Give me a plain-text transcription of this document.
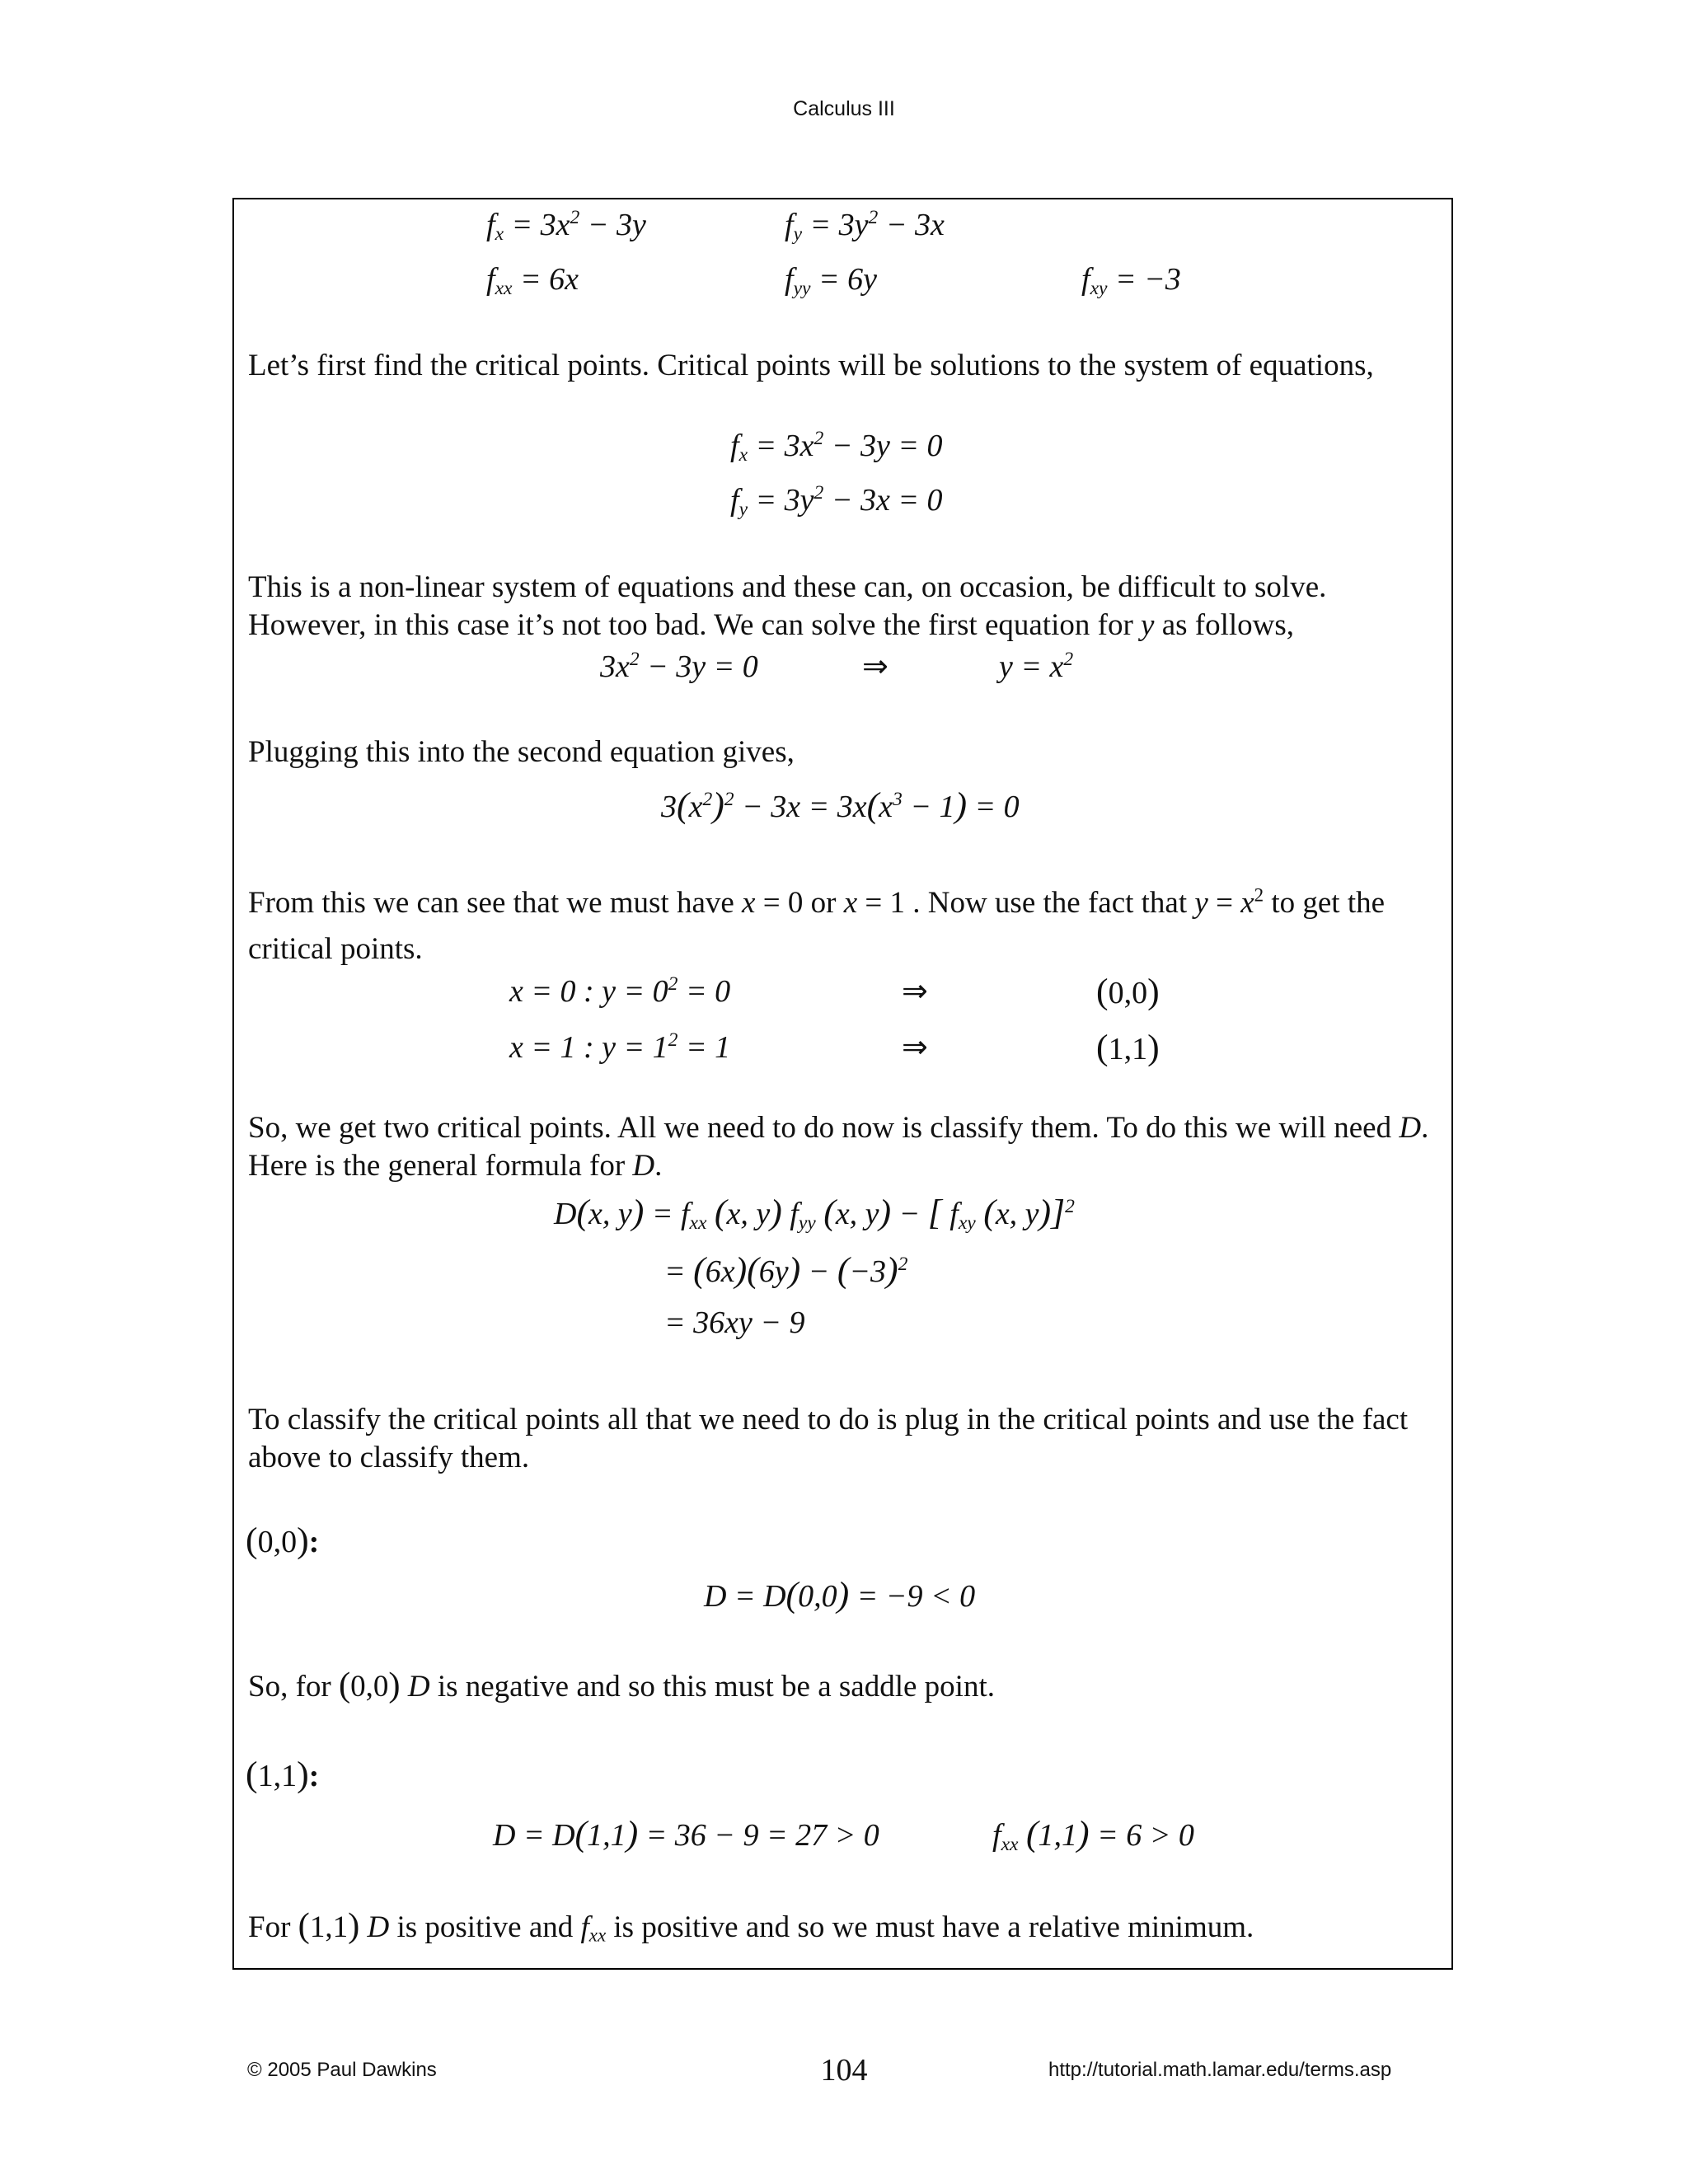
Calculus III
$f_x = 3x^2 - 3y$	$f_y = 3y^2 - 3x$
$f_{xx} = 6x$	$f_{yy} = 6y$	$f_{xy} = -3$
Let’s first find the critical points. Critical points will be solutions to the system of equations,
$f_x = 3x^2 - 3y = 0$
$f_y = 3y^2 - 3x = 0$
This is a non-linear system of equations and these can, on occasion, be difficult to solve. However, in this case it’s not too bad. We can solve the first equation for y as follows,
$3x^2 - 3y = 0$	⇒	$y = x^2$
Plugging this into the second equation gives,
$3(x^2)^2 - 3x = 3x(x^3 - 1) = 0$
From this we can see that we must have x = 0 or x = 1 . Now use the fact that $y = x^2$ to get the critical points.
x = 0 : $y = 0^2 = 0$	⇒	(0,0)
x = 1 : $y = 1^2 = 1$	⇒	(1,1)
So, we get two critical points. All we need to do now is classify them. To do this we will need D. Here is the general formula for D.
D(x, $y) = f_{xx}$ (x, y) $f_{yy}$ (x, y) − [ $f_{xy}$ (x, y)]$^2$
= $(6x)(6y) - (-3)^2$
= 36xy − 9
To classify the critical points all that we need to do is plug in the critical points and use the fact above to classify them.
(0,0):
D = D(0,0) = −9 < 0
So, for (0,0) D is negative and so this must be a saddle point.
(1,1):
D = D(1,1) = 36 − 9 = 27 > 0	$f_{xx}$ (1,1) = 6 > 0
For (1,1) D is positive and $f_{xx}$ is positive and so we must have a relative minimum.
© 2005 Paul Dawkins	104	http://tutorial.math.lamar.edu/terms.asp
